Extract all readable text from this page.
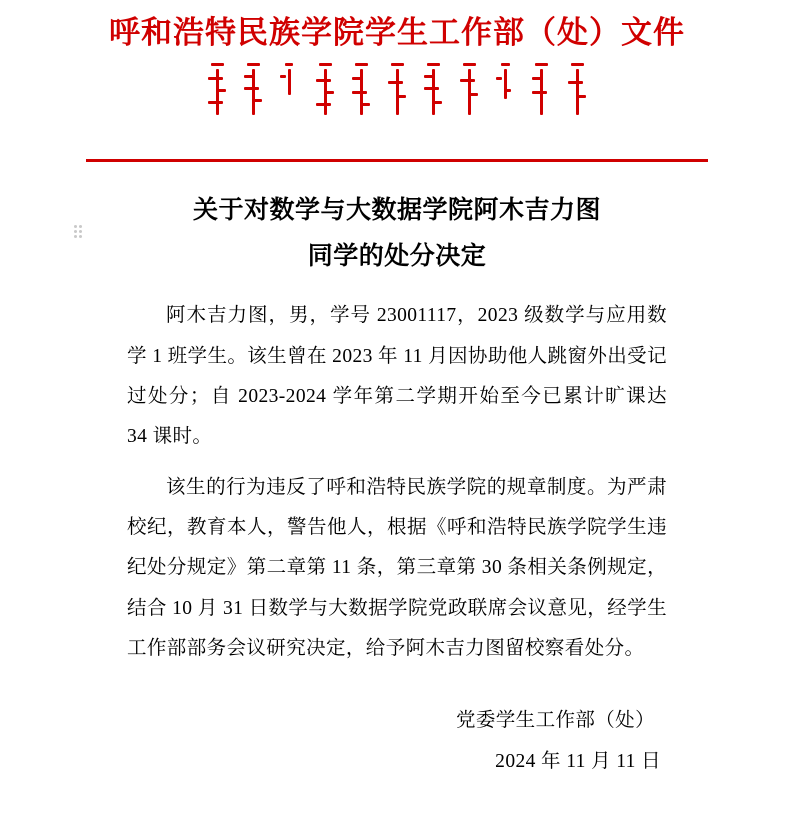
呼和浩特民族学院学生工作部（处）文件
关于对数学与大数据学院阿木吉力图
同学的处分决定

阿木吉力图，男，学号 23001117，2023 级数学与应用数学 1 班学生。该生曾在 2023 年 11 月因协助他人跳窗外出受记过处分；自 2023-2024 学年第二学期开始至今已累计旷课达 34 课时。

该生的行为违反了呼和浩特民族学院的规章制度。为严肃校纪，教育本人，警告他人，根据《呼和浩特民族学院学生违纪处分规定》第二章第 11 条，第三章第 30 条相关条例规定，结合 10 月 31 日数学与大数据学院党政联席会议意见，经学生工作部部务会议研究决定，给予阿木吉力图留校察看处分。

党委学生工作部（处）
2024 年 11 月 11 日
